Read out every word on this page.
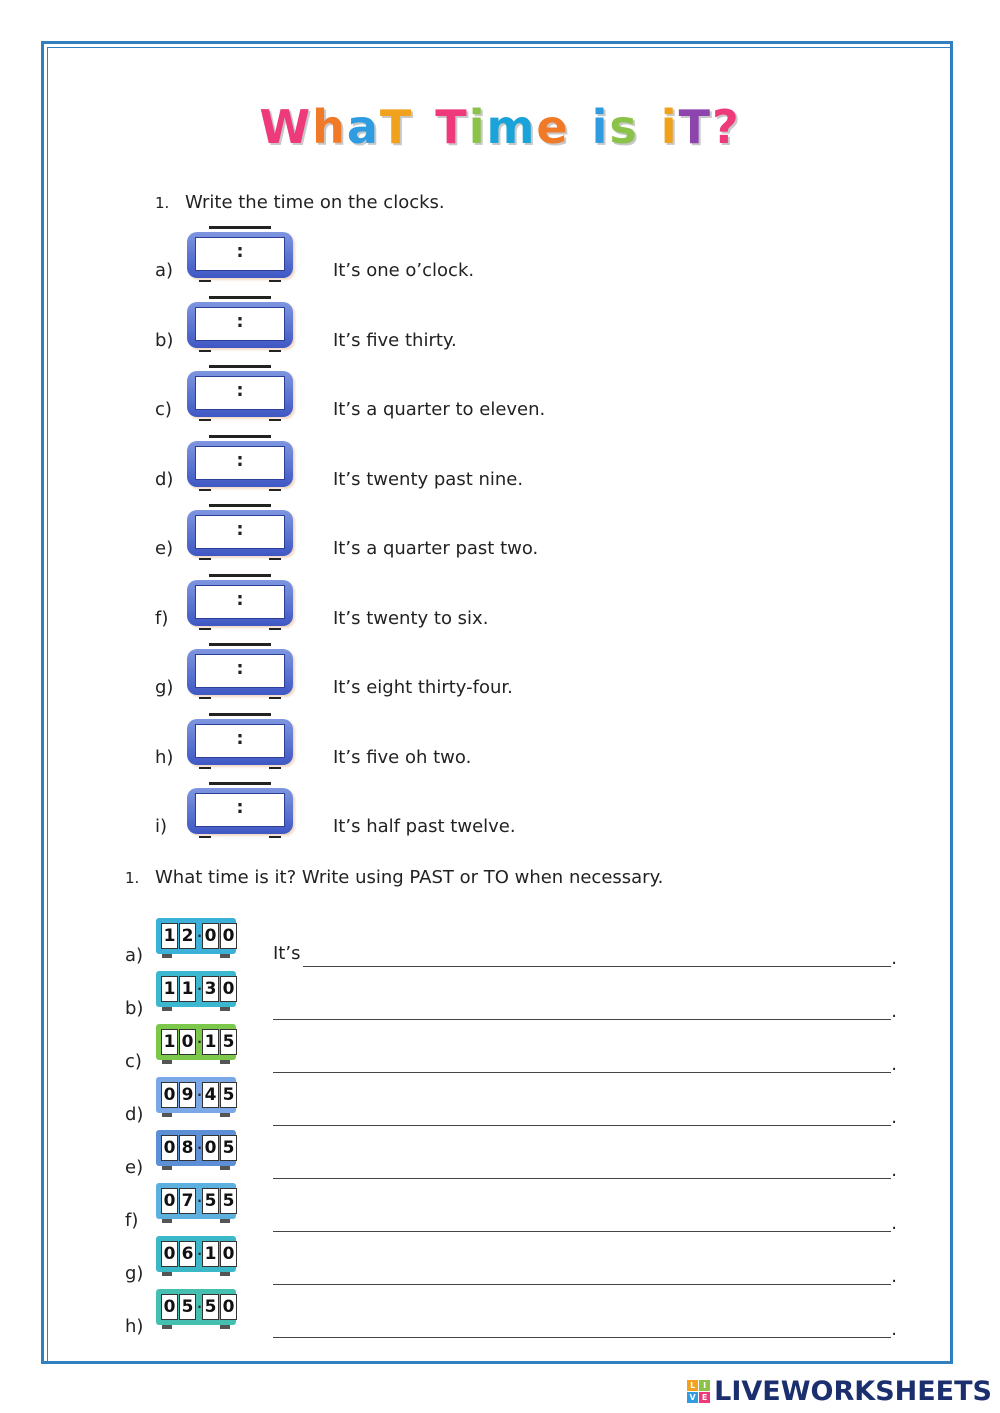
WhaT Time is iT?
1. Write the time on the clocks.
a)
:
It’s one o’clock.
b)
:
It’s five thirty.
c)
:
It’s a quarter to eleven.
d)
:
It’s twenty past nine.
e)
:
It’s a quarter past two.
f)
:
It’s twenty to six.
g)
:
It’s eight thirty-four.
h)
:
It’s five oh two.
i)
:
It’s half past twelve.
1. What time is it? Write using PAST or TO when necessary.
a)
1 2 · 0 0
It’s	.
b)
1 1 · 3 0
.
c)
1 0 · 1 5
.
d)
0 9 · 4 5
.
e)
0 8 · 0 5
.
f)
0 7 · 5 5
.
g)
0 6 · 1 0
.
h)
0 5 · 5 0
.
L I
V E LIVEWORKSHEETS
